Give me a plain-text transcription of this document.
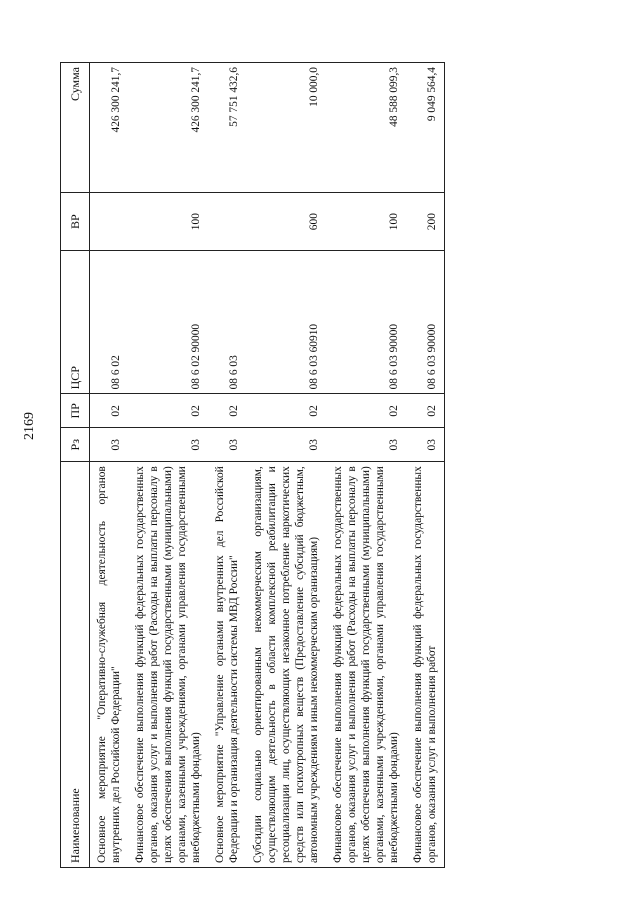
2169
Наименование	Рз	ПР	ЦСР	ВР	Сумма
Основное мероприятие "Оперативно-служебная деятельность органов внутренних дел Российской Федерации"	03	02	08 6 02		426 300 241,7
Финансовое обеспечение выполнения функций федеральных государственных органов, оказания услуг и выполнения работ (Расходы на выплаты персоналу в целях обеспечения выполнения функций государственными (муниципальными) органами, казенными учреждениями, органами управления государственными внебюджетными фондами)	03	02	08 6 02 90000	100	426 300 241,7
Основное мероприятие "Управление органами внутренних дел Российской Федерации и организация деятельности системы МВД России"	03	02	08 6 03		57 751 432,6
Субсидии социально ориентированным некоммерческим организациям, осуществляющим деятельность в области комплексной реабилитации и ресоциализации лиц, осуществляющих незаконное потребление наркотических средств или психотропных веществ (Предоставление субсидий бюджетным, автономным учреждениям и иным некоммерческим организациям)	03	02	08 6 03 60910	600	10 000,0
Финансовое обеспечение выполнения функций федеральных государственных органов, оказания услуг и выполнения работ (Расходы на выплаты персоналу в целях обеспечения выполнения функций государственными (муниципальными) органами, казенными учреждениями, органами управления государственными внебюджетными фондами)	03	02	08 6 03 90000	100	48 588 099,3
Финансовое обеспечение выполнения функций федеральных государственных органов, оказания услуг и выполнения работ	03	02	08 6 03 90000	200	9 049 564,4
